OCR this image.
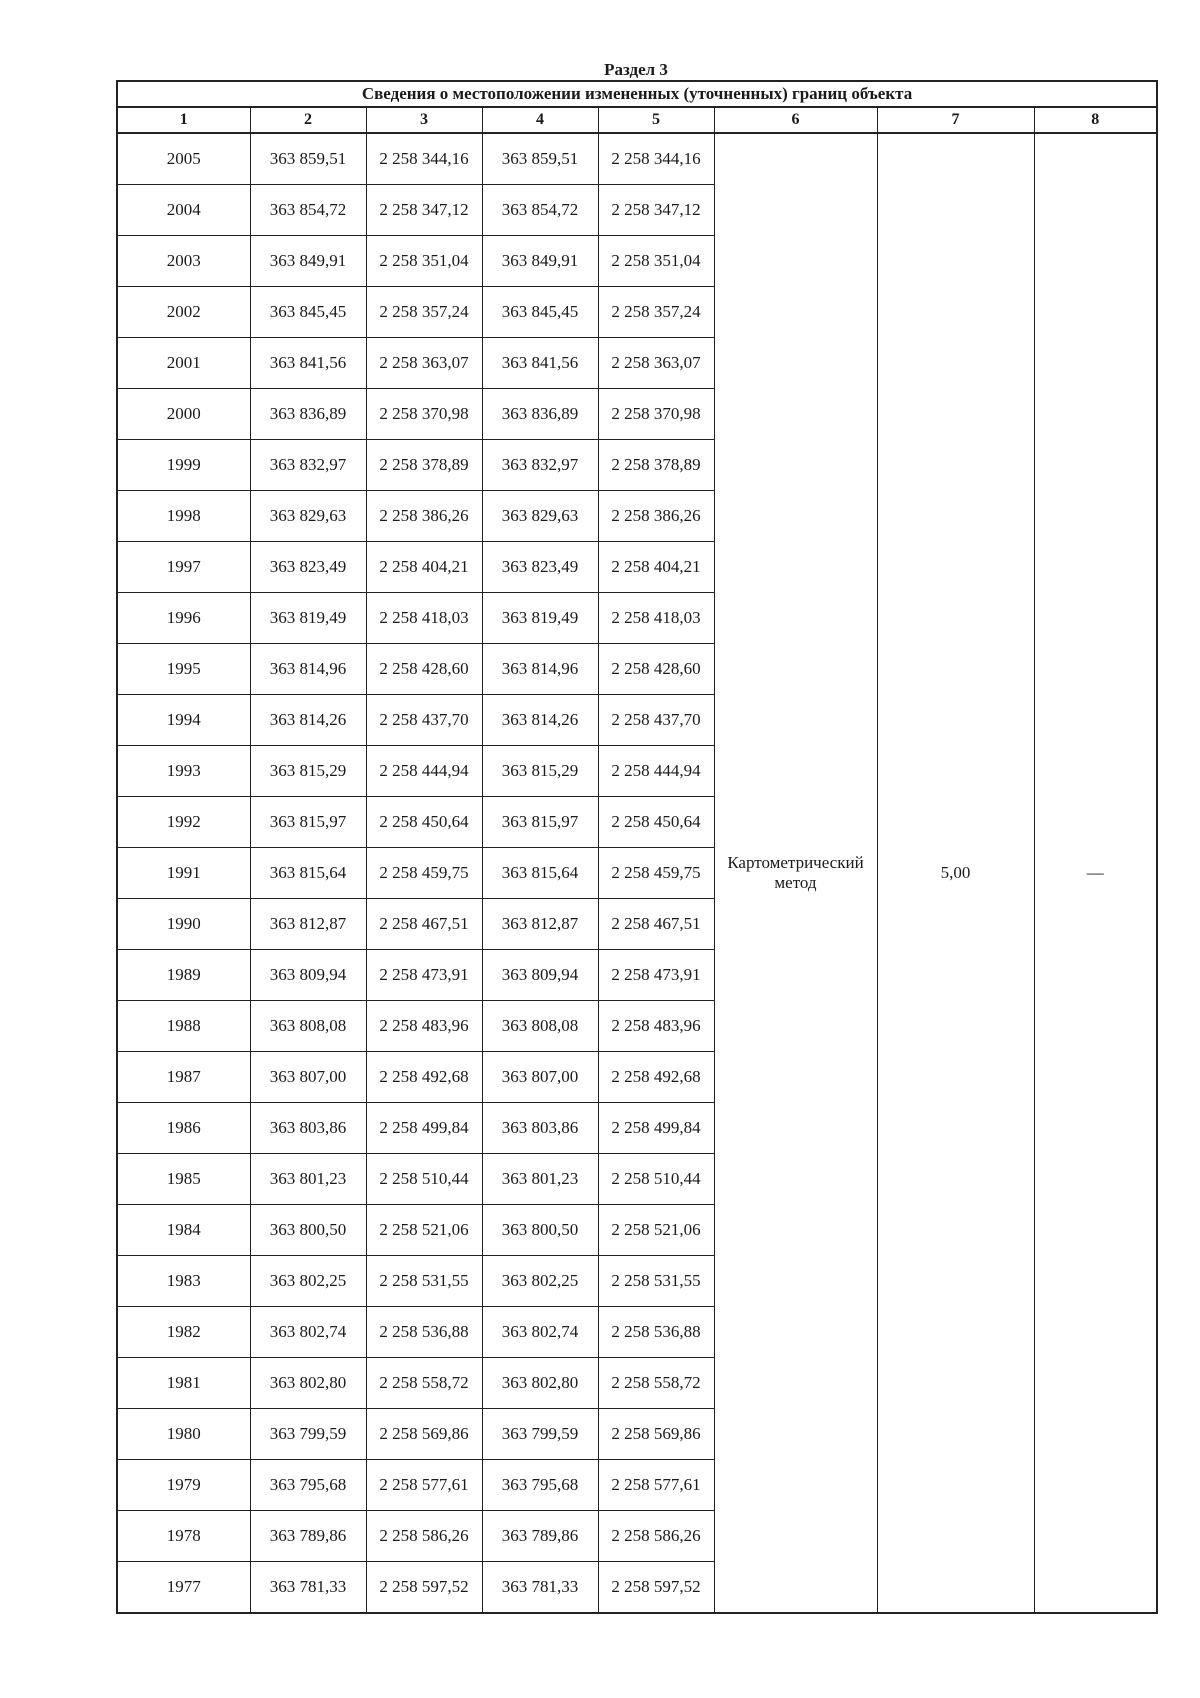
Раздел 3
Сведения о местоположении измененных (уточненных) границ объекта							
1	2	3	4	5	6	7	8
2005	363 859,51	2 258 344,16	363 859,51	2 258 344,16	Картометрический метод	5,00	—
2004	363 854,72	2 258 347,12	363 854,72	2 258 347,12			
2003	363 849,91	2 258 351,04	363 849,91	2 258 351,04			
2002	363 845,45	2 258 357,24	363 845,45	2 258 357,24			
2001	363 841,56	2 258 363,07	363 841,56	2 258 363,07			
2000	363 836,89	2 258 370,98	363 836,89	2 258 370,98			
1999	363 832,97	2 258 378,89	363 832,97	2 258 378,89			
1998	363 829,63	2 258 386,26	363 829,63	2 258 386,26			
1997	363 823,49	2 258 404,21	363 823,49	2 258 404,21			
1996	363 819,49	2 258 418,03	363 819,49	2 258 418,03			
1995	363 814,96	2 258 428,60	363 814,96	2 258 428,60			
1994	363 814,26	2 258 437,70	363 814,26	2 258 437,70			
1993	363 815,29	2 258 444,94	363 815,29	2 258 444,94			
1992	363 815,97	2 258 450,64	363 815,97	2 258 450,64			
1991	363 815,64	2 258 459,75	363 815,64	2 258 459,75			
1990	363 812,87	2 258 467,51	363 812,87	2 258 467,51			
1989	363 809,94	2 258 473,91	363 809,94	2 258 473,91			
1988	363 808,08	2 258 483,96	363 808,08	2 258 483,96			
1987	363 807,00	2 258 492,68	363 807,00	2 258 492,68			
1986	363 803,86	2 258 499,84	363 803,86	2 258 499,84			
1985	363 801,23	2 258 510,44	363 801,23	2 258 510,44			
1984	363 800,50	2 258 521,06	363 800,50	2 258 521,06			
1983	363 802,25	2 258 531,55	363 802,25	2 258 531,55			
1982	363 802,74	2 258 536,88	363 802,74	2 258 536,88			
1981	363 802,80	2 258 558,72	363 802,80	2 258 558,72			
1980	363 799,59	2 258 569,86	363 799,59	2 258 569,86			
1979	363 795,68	2 258 577,61	363 795,68	2 258 577,61			
1978	363 789,86	2 258 586,26	363 789,86	2 258 586,26			
1977	363 781,33	2 258 597,52	363 781,33	2 258 597,52			
